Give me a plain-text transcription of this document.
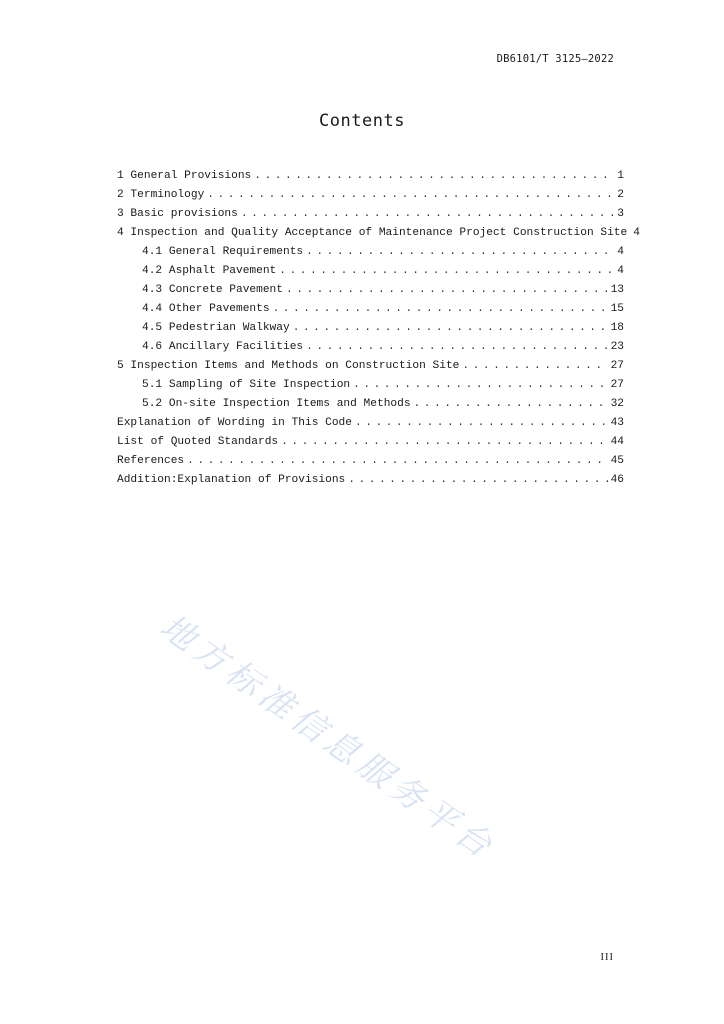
DB6101/T 3125—2022
Contents
1 General Provisions . . .	1
2 Terminology . . .	2
3 Basic provisions . . .	3
4 Inspection and Quality Acceptance of Maintenance Project Construction Site 4
4.1 General Requirements . . .	4
4.2 Asphalt Pavement . . .	4
4.3 Concrete Pavement . . .	13
4.4 Other Pavements . . .	15
4.5 Pedestrian Walkway . . .	18
4.6 Ancillary Facilities . . .	23
5 Inspection Items and Methods on Construction Site . . .	27
5.1 Sampling of Site Inspection . . .	27
5.2 On-site Inspection Items and Methods . . .	32
Explanation of Wording in This Code . . .	43
List of Quoted Standards . . .	44
References . . .	45
Addition:Explanation of Provisions . . .	46
地方标准信息服务平台
III
